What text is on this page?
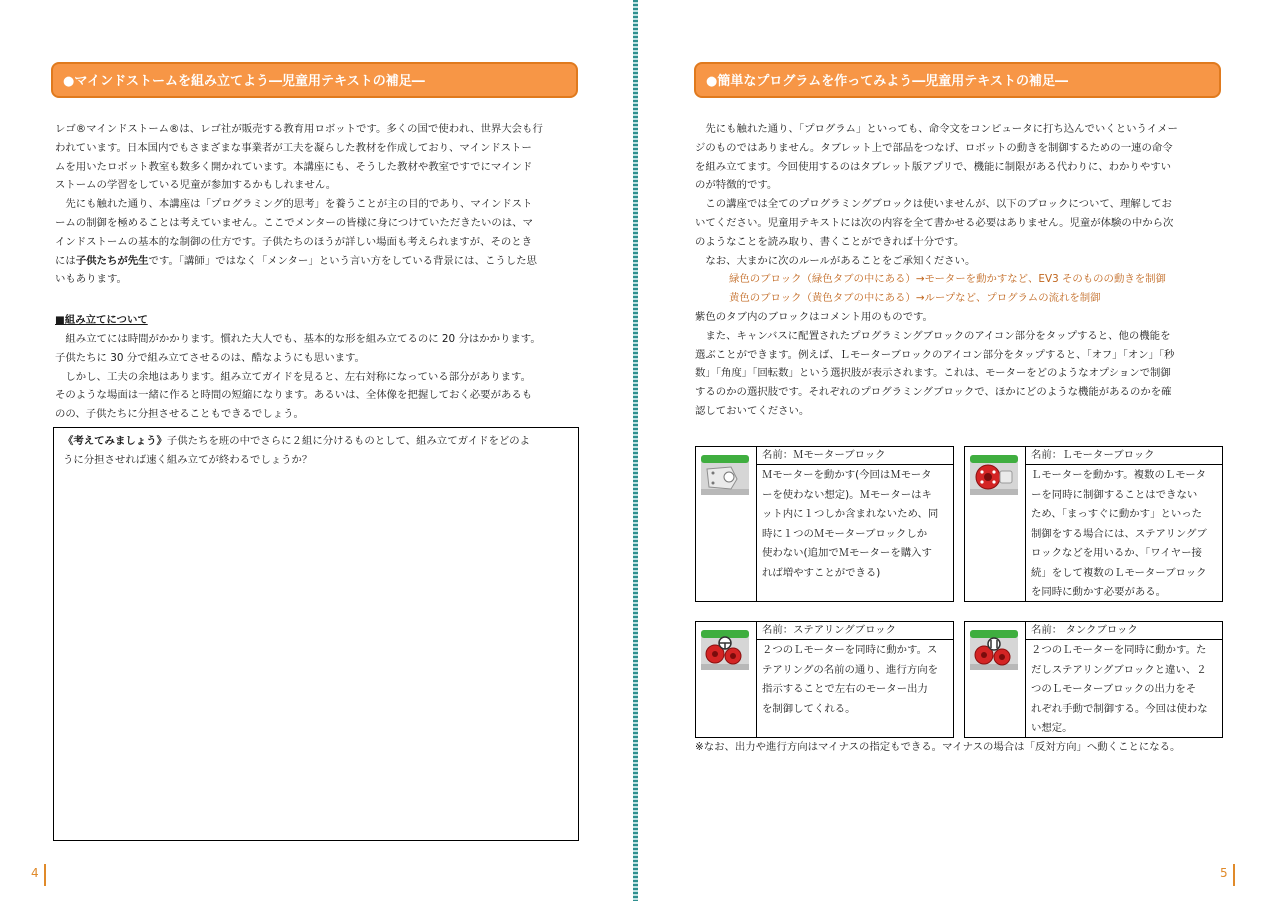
●マインドストームを組み立てよう―児童用テキストの補足―
レゴ®マインドストーム®は、レゴ社が販売する教育用ロボットです。多くの国で使われ、世界大会も行
われています。日本国内でもさまざまな事業者が工夫を凝らした教材を作成しており、マインドストー
ムを用いたロボット教室も数多く開かれています。本講座にも、そうした教材や教室ですでにマインド
ストームの学習をしている児童が参加するかもしれません。
　先にも触れた通り、本講座は「プログラミング的思考」を養うことが主の目的であり、マインドスト
ームの制御を極めることは考えていません。ここでメンターの皆様に身につけていただきたいのは、マ
インドストームの基本的な制御の仕方です。子供たちのほうが詳しい場面も考えられますが、そのとき
には子供たちが先生です。「講師」ではなく「メンター」という言い方をしている背景には、こうした思
いもあります。
■組み立てについて
　組み立てには時間がかかります。慣れた大人でも、基本的な形を組み立てるのに 20 分はかかります。
子供たちに 30 分で組み立てさせるのは、酷なようにも思います。
　しかし、工夫の余地はあります。組み立てガイドを見ると、左右対称になっている部分があります。
そのような場面は一緒に作ると時間の短縮になります。あるいは、全体像を把握しておく必要があるも
のの、子供たちに分担させることもできるでしょう。
《考えてみましょう》子供たちを班の中でさらに２組に分けるものとして、組み立てガイドをどのよ
うに分担させれば速く組み立てが終わるでしょうか？
4
●簡単なプログラムを作ってみよう―児童用テキストの補足―
　先にも触れた通り、「プログラム」といっても、命令文をコンピュータに打ち込んでいくというイメー
ジのものではありません。タブレット上で部品をつなげ、ロボットの動きを制御するための一連の命令
を組み立てます。今回使用するのはタブレット版アプリで、機能に制限がある代わりに、わかりやすい
のが特徴的です。
　この講座では全てのプログラミングブロックは使いませんが、以下のブロックについて、理解してお
いてください。児童用テキストには次の内容を全て書かせる必要はありません。児童が体験の中から次
のようなことを読み取り、書くことができれば十分です。
　なお、大まかに次のルールがあることをご承知ください。
緑色のブロック（緑色タブの中にある）→モーターを動かすなど、EV3 そのものの動きを制御
黄色のブロック（黄色タブの中にある）→ループなど、プログラムの流れを制御
紫色のタブ内のブロックはコメント用のものです。
　また、キャンバスに配置されたプログラミングブロックのアイコン部分をタップすると、他の機能を
選ぶことができます。例えば、Ｌモーターブロックのアイコン部分をタップすると、「オフ」「オン」「秒
数」「角度」「回転数」という選択肢が表示されます。これは、モーターをどのようなオプションで制御
するのかの選択肢です。それぞれのプログラミングブロックで、ほかにどのような機能があるのかを確
認しておいてください。
名前：Ｍモーターブロック
Ｍモーターを動かす(今回はＭモータ
ーを使わない想定)。Ｍモーターはキ
ット内に１つしか含まれないため、同
時に１つのＭモーターブロックしか
使わない(追加でＭモーターを購入す
れば増やすことができる)
名前：Ｌモーターブロック
Ｌモーターを動かす。複数のＬモータ
ーを同時に制御することはできない
ため、「まっすぐに動かす」といった
制御をする場合には、ステアリングブ
ロックなどを用いるか、「ワイヤー接
続」をして複数のＬモーターブロック
を同時に動かす必要がある。
名前：ステアリングブロック
２つのＬモーターを同時に動かす。ス
テアリングの名前の通り、進行方向を
指示することで左右のモーター出力
を制御してくれる。
名前： タンクブロック
２つのＬモーターを同時に動かす。た
だしステアリングブロックと違い、２
つのＬモーターブロックの出力をそ
れぞれ手動で制御する。今回は使わな
い想定。
※なお、出力や進行方向はマイナスの指定もできる。マイナスの場合は「反対方向」へ動くことになる。
5
